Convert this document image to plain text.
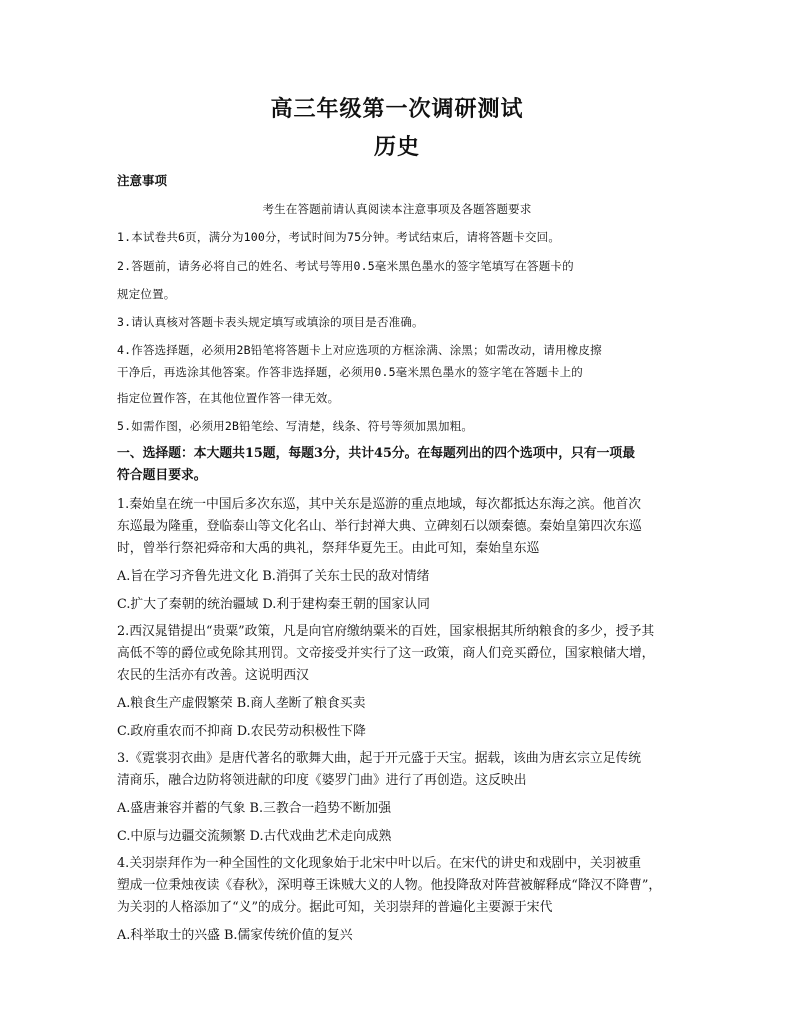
高三年级第一次调研测试
历史
注意事项
考生在答题前请认真阅读本注意事项及各题答题要求
1.本试卷共6页，满分为100分，考试时间为75分钟。考试结束后，请将答题卡交回。
2.答题前，请务必将自己的姓名、考试号等用0.5毫米黑色墨水的签字笔填写在答题卡的
规定位置。
3.请认真核对答题卡表头规定填写或填涂的项目是否准确。
4.作答选择题，必须用2B铅笔将答题卡上对应选项的方框涂满、涂黑；如需改动，请用橡皮擦
干净后，再选涂其他答案。作答非选择题，必须用0.5毫米黑色墨水的签字笔在答题卡上的
指定位置作答，在其他位置作答一律无效。
5.如需作图，必须用2B铅笔绘、写清楚，线条、符号等须加黑加粗。
一、选择题：本大题共15题，每题3分，共计45分。在每题列出的四个选项中，只有一项最
符合题目要求。
1.秦始皇在统一中国后多次东巡，其中关东是巡游的重点地域，每次都抵达东海之滨。他首次
东巡最为隆重，登临泰山等文化名山、举行封禅大典、立碑刻石以颂秦德。秦始皇第四次东巡
时，曾举行祭祀舜帝和大禹的典礼，祭拜华夏先王。由此可知，秦始皇东巡
A.旨在学习齐鲁先进文化 B.消弭了关东士民的敌对情绪
C.扩大了秦朝的统治疆域 D.利于建构秦王朝的国家认同
2.西汉晁错提出“贵粟”政策，凡是向官府缴纳粟米的百姓，国家根据其所纳粮食的多少，授予其
高低不等的爵位或免除其刑罚。文帝接受并实行了这一政策，商人们竞买爵位，国家粮储大增，
农民的生活亦有改善。这说明西汉
A.粮食生产虚假繁荣 B.商人垄断了粮食买卖
C.政府重农而不抑商 D.农民劳动积极性下降
3.《霓裳羽衣曲》是唐代著名的歌舞大曲，起于开元盛于天宝。据载，该曲为唐玄宗立足传统
清商乐，融合边防将领进献的印度《婆罗门曲》进行了再创造。这反映出
A.盛唐兼容并蓄的气象 B.三教合一趋势不断加强
C.中原与边疆交流频繁 D.古代戏曲艺术走向成熟
4.关羽崇拜作为一种全国性的文化现象始于北宋中叶以后。在宋代的讲史和戏剧中，关羽被重
塑成一位秉烛夜读《春秋》，深明尊王诛贼大义的人物。他投降敌对阵营被解释成“降汉不降曹”，
为关羽的人格添加了“义”的成分。据此可知，关羽崇拜的普遍化主要源于宋代
A.科举取士的兴盛 B.儒家传统价值的复兴
